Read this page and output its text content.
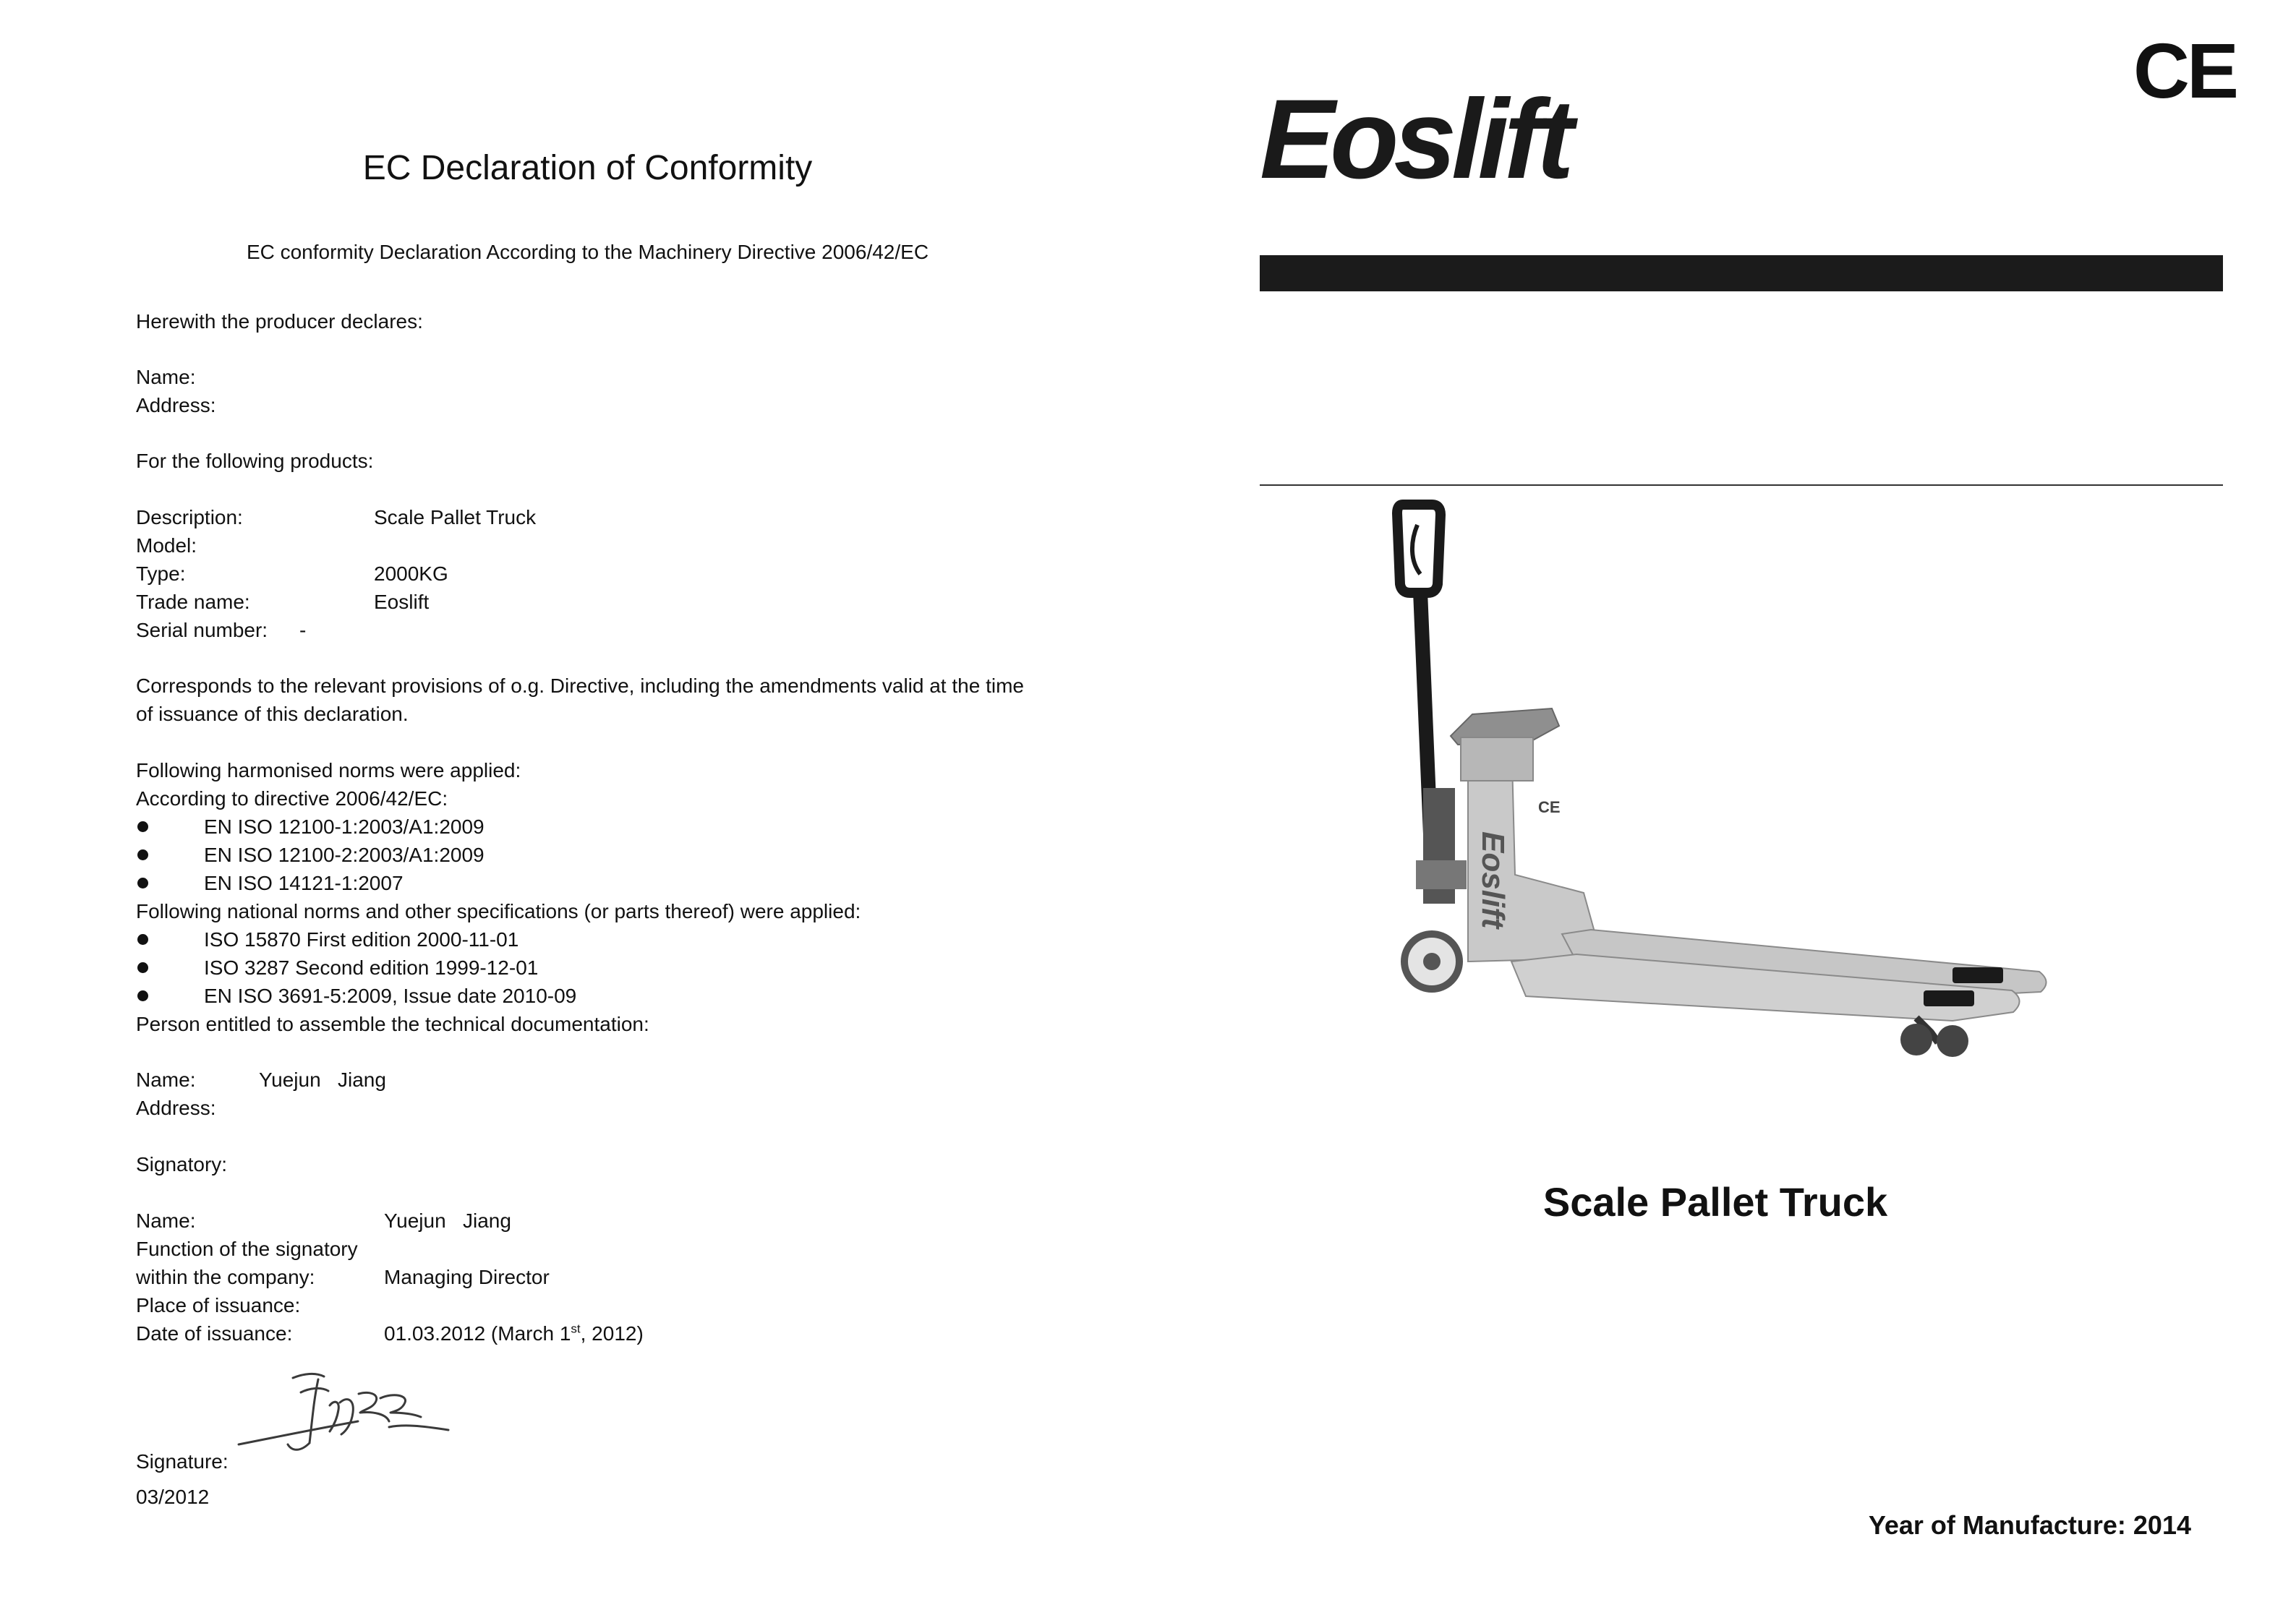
EC Declaration of Conformity
EC conformity Declaration According to the Machinery Directive 2006/42/EC
Herewith the producer declares:
Name:
Address:
For the following products:
Description:	Scale Pallet Truck
Model:
Type:	2000KG
Trade name:	Eoslift
Serial number: -
Corresponds to the relevant provisions of o.g. Directive, including the amendments valid at the time
of issuance of this declaration.
Following harmonised norms were applied:
According to directive 2006/42/EC:
EN ISO 12100-1:2003/A1:2009
EN ISO 12100-2:2003/A1:2009
EN ISO 14121-1:2007
Following national norms and other specifications (or parts thereof) were applied:
ISO 15870 First edition 2000-11-01
ISO 3287 Second edition 1999-12-01
EN ISO 3691-5:2009, Issue date 2010-09
Person entitled to assemble the technical documentation:
Name:	Yuejun   Jiang
Address:
Signatory:
Name:	Yuejun   Jiang
Function of the signatory
within the company:	Managing Director
Place of issuance:
Date of issuance:	01.03.2012 (March 1st, 2012)
Signature:
03/2012
Eoslift
CE
Eoslift
CE
Scale Pallet Truck
Year of Manufacture: 2014
